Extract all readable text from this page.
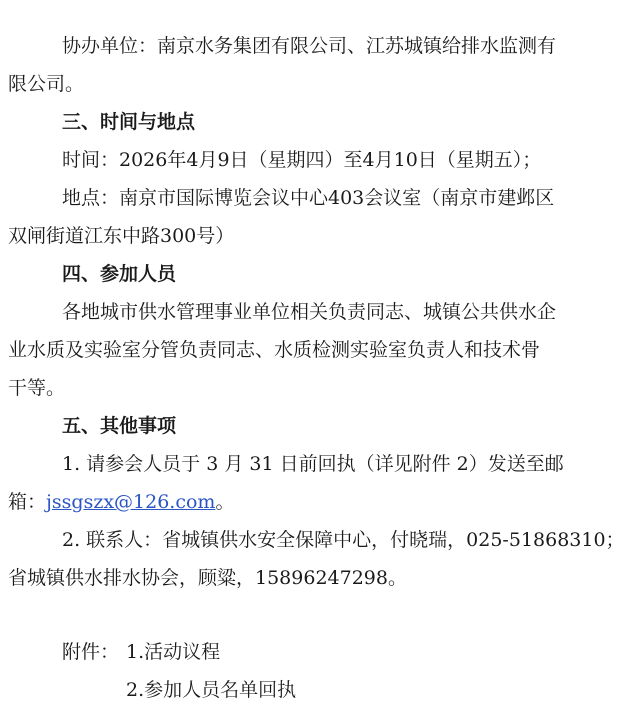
协办单位：南京水务集团有限公司、江苏城镇给排水监测有
限公司。
三、时间与地点
时间：2026年4月9日（星期四）至4月10日（星期五）；
地点：南京市国际博览会议中心403会议室（南京市建邺区
双闸街道江东中路300号）
四、参加人员
各地城市供水管理事业单位相关负责同志、城镇公共供水企
业水质及实验室分管负责同志、水质检测实验室负责人和技术骨
干等。
五、其他事项
1. 请参会人员于 3 月 31 日前回执（详见附件 2）发送至邮
箱：jssgszx@126.com。
2. 联系人：省城镇供水安全保障中心，付晓瑞，025-51868310；
省城镇供水排水协会，顾粱，15896247298。
附件： 1.活动议程
2.参加人员名单回执
